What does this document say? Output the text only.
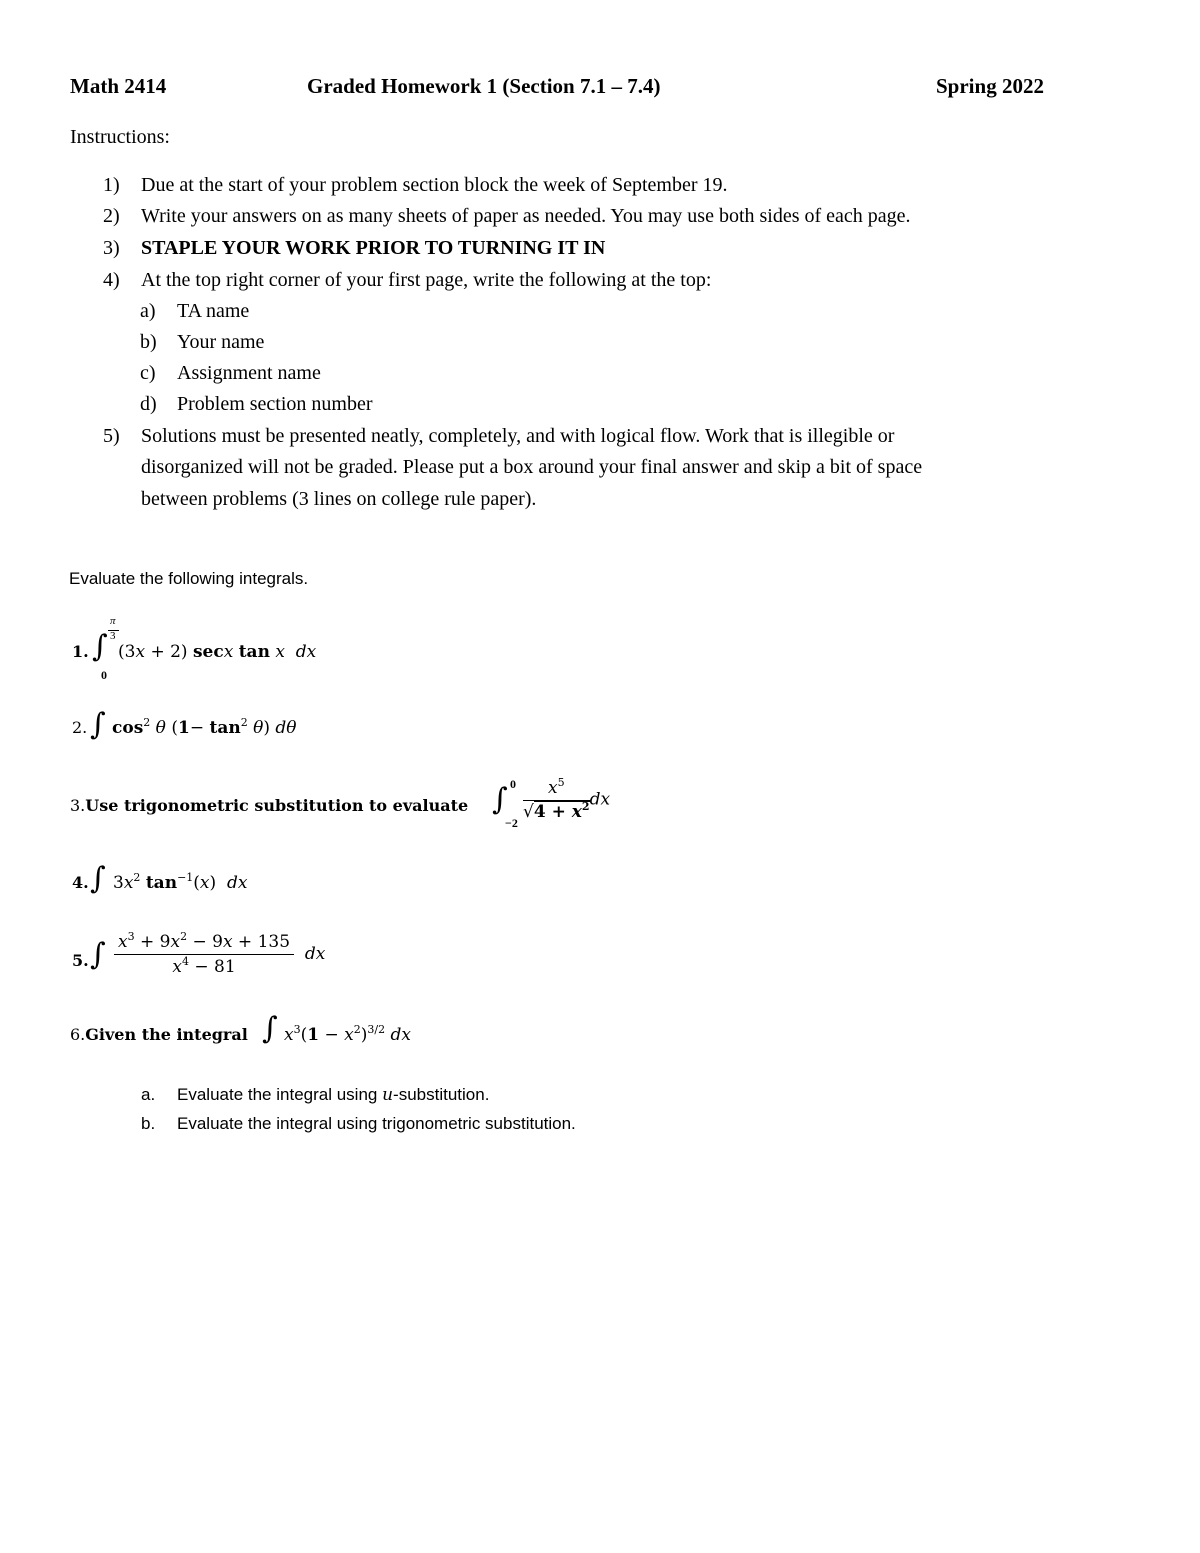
Math 2414	Graded Homework 1 (Section 7.1 – 7.4)	Spring 2022
Instructions:
1) Due at the start of your problem section block the week of September 19.
2) Write your answers on as many sheets of paper as needed. You may use both sides of each page.
3) STAPLE YOUR WORK PRIOR TO TURNING IT IN
4) At the top right corner of your first page, write the following at the top:
a) TA name
b) Your name
c) Assignment name
d) Problem section number
5) Solutions must be presented neatly, completely, and with logical flow. Work that is illegible or
disorganized will not be graded. Please put a box around your final answer and skip a bit of space
between problems (3 lines on college rule paper).
Evaluate the following integrals.
1. ∫
π
3
0
(3x + 2) secx tan x dx
2. ∫ $\cos^2 \theta$ $(1- \tan^2 \theta)$ dθ
3.Use trigonometric substitution to evaluate ∫ 0
−2
$\frac{x^5}{√4 + x^2}$ dx
4. ∫ $3x^2$ $\tan^{-1}(x)$  dx
5. ∫ $\frac{x^3 + 9x^2 - 9x + 135}{x^4 - 81}$ dx
6.Given the integral ∫ $x^3(1 - x^2)^{3/2}$ dx
a. Evaluate the integral using u-substitution.
b. Evaluate the integral using trigonometric substitution.
